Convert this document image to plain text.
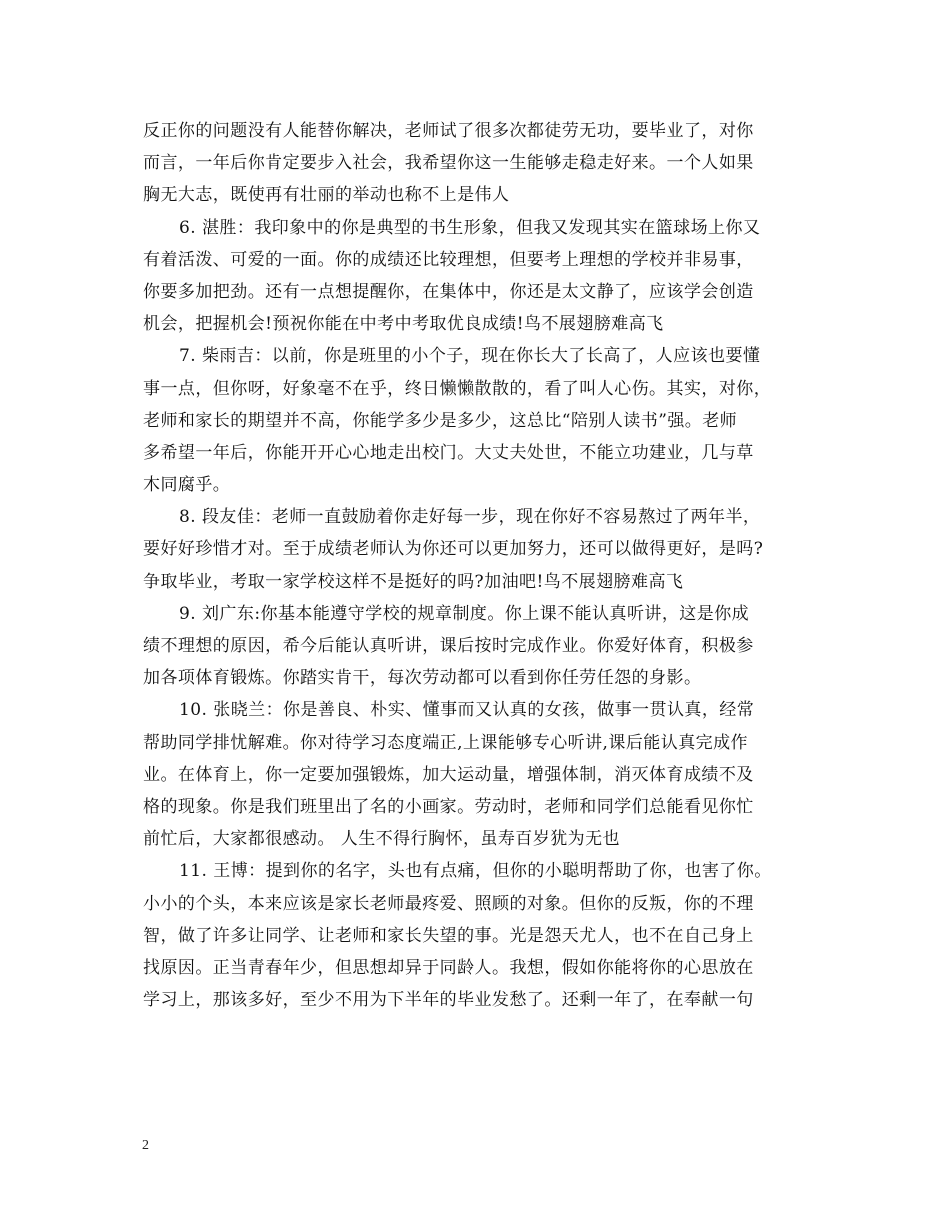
反正你的问题没有人能替你解决，老师试了很多次都徒劳无功，要毕业了，对你
而言，一年后你肯定要步入社会，我希望你这一生能够走稳走好来。一个人如果
胸无大志，既使再有壮丽的举动也称不上是伟人
6. 湛胜：我印象中的你是典型的书生形象，但我又发现其实在篮球场上你又
有着活泼、可爱的一面。你的成绩还比较理想，但要考上理想的学校并非易事，
你要多加把劲。还有一点想提醒你，在集体中，你还是太文静了，应该学会创造
机会，把握机会!预祝你能在中考中考取优良成绩!鸟不展翅膀难高飞
7. 柴雨吉：以前，你是班里的小个子，现在你长大了长高了，人应该也要懂
事一点，但你呀，好象毫不在乎，终日懒懒散散的，看了叫人心伤。其实，对你，
老师和家长的期望并不高，你能学多少是多少，这总比“陪别人读书”强。老师
多希望一年后，你能开开心心地走出校门。大丈夫处世，不能立功建业，几与草
木同腐乎。
8. 段友佳：老师一直鼓励着你走好每一步，现在你好不容易熬过了两年半，
要好好珍惜才对。至于成绩老师认为你还可以更加努力，还可以做得更好，是吗?
争取毕业，考取一家学校这样不是挺好的吗?加油吧!鸟不展翅膀难高飞
9. 刘广东:你基本能遵守学校的规章制度。你上课不能认真听讲，这是你成
绩不理想的原因，希今后能认真听讲，课后按时完成作业。你爱好体育，积极参
加各项体育锻炼。你踏实肯干，每次劳动都可以看到你任劳任怨的身影。
10. 张晓兰：你是善良、朴实、懂事而又认真的女孩，做事一贯认真，经常
帮助同学排忧解难。你对待学习态度端正,上课能够专心听讲,课后能认真完成作
业。在体育上，你一定要加强锻炼，加大运动量，增强体制，消灭体育成绩不及
格的现象。你是我们班里出了名的小画家。劳动时，老师和同学们总能看见你忙
前忙后，大家都很感动。 人生不得行胸怀，虽寿百岁犹为无也
11. 王博：提到你的名字，头也有点痛，但你的小聪明帮助了你，也害了你。
小小的个头，本来应该是家长老师最疼爱、照顾的对象。但你的反叛，你的不理
智，做了许多让同学、让老师和家长失望的事。光是怨天尤人，也不在自己身上
找原因。正当青春年少，但思想却异于同龄人。我想，假如你能将你的心思放在
学习上，那该多好，至少不用为下半年的毕业发愁了。还剩一年了，在奉献一句
2
